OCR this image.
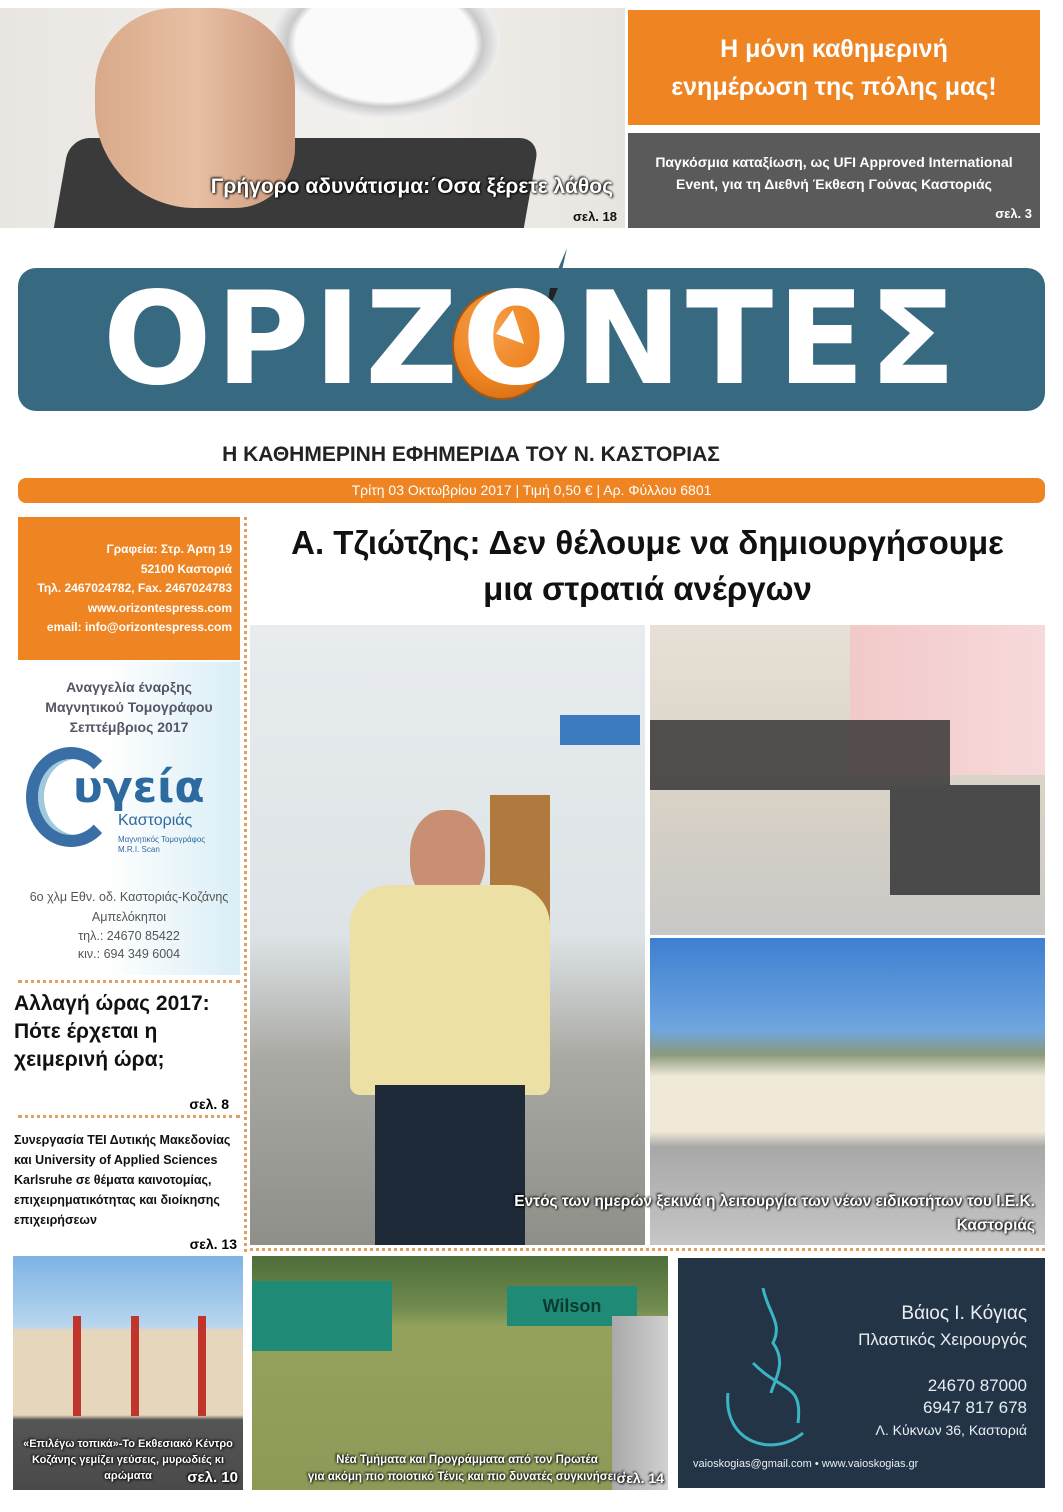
Γρήγορο αδυνάτισμα:΄Οσα ξέρετε λάθος
σελ. 18
Η μόνη καθημερινή
ενημέρωση της πόλης μας!
Παγκόσμια καταξίωση, ως UFI Approved International Event, για τη Διεθνή Έκθεση Γούνας Καστοριάς
σελ. 3
ΟΡΙΖΟΝΤΕΣ
Η ΚΑΘΗΜΕΡΙΝΗ ΕΦΗΜΕΡΙΔΑ ΤΟΥ Ν. ΚΑΣΤΟΡΙΑΣ
Τρίτη 03 Οκτωβρίου 2017 | Τιμή 0,50 € | Αρ. Φύλλου 6801
Γραφεία: Στρ. Άρτη 19
52100 Καστοριά
Τηλ. 2467024782, Fax. 2467024783
www.orizontespress.com
email: info@orizontespress.com
Αναγγελία έναρξης
Μαγνητικού Τομογράφου
Σεπτέμβριος 2017
υγεία
Καστοριάς
Μαγνητικός Τομογράφος
M.R.I. Scan
6ο χλμ Εθν. οδ. Καστοριάς-Κοζάνης
Αμπελόκηποι
τηλ.: 24670 85422
κιν.: 694 349 6004
Αλλαγή ώρας 2017: Πότε έρχεται η χειμερινή ώρα;
σελ. 8
Συνεργασία ΤΕΙ Δυτικής Μακεδονίας και University of Applied Sciences Karlsruhe σε θέματα καινοτομίας, επιχειρηματικότητας και διοίκησης επιχειρήσεων
σελ. 13
Α. Τζιώτζης: Δεν θέλουμε να δημιουργήσουμε
μια στρατιά ανέργων
Εντός των ημερών ξεκινά η λειτουργία των νέων ειδικοτήτων του Ι.Ε.Κ.
Καστοριάς
«Επιλέγω τοπικά»-Το Εκθεσιακό Κέντρο Κοζάνης γεμίζει γεύσεις, μυρωδιές κι αρώματα	σελ. 10
Wilson
Νέα Τμήματα και Προγράμματα από τον Πρωτέα
για ακόμη πιο ποιοτικό Τένις και πιο δυνατές συγκινήσεις!
σελ. 14
Βάιος Ι. Κόγιας
Πλαστικός Χειρουργός
24670 87000
6947 817 678
Λ. Κύκνων 36, Καστοριά
vaioskogias@gmail.com • www.vaioskogias.gr
